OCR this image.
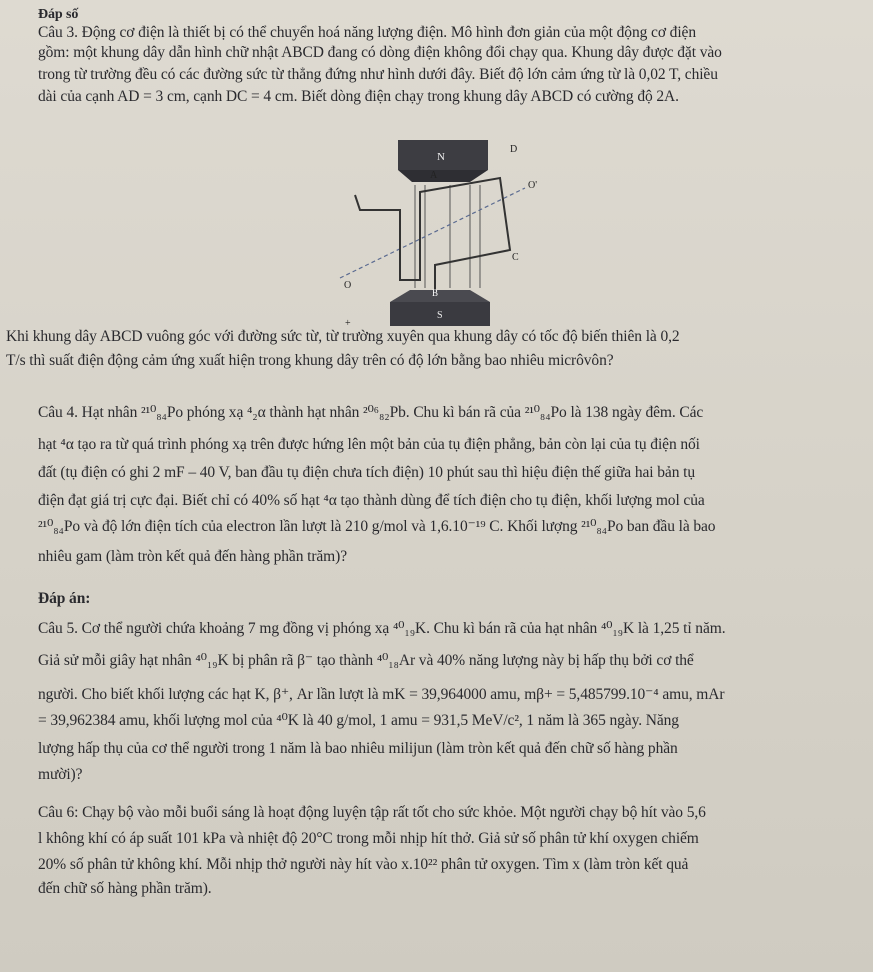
Đáp số
Câu 3. Động cơ điện là thiết bị có thể chuyển hoá năng lượng điện. Mô hình đơn giản của một động cơ điện
gồm: một khung dây dẫn hình chữ nhật ABCD đang có dòng điện không đổi chạy qua. Khung dây được đặt vào
trong từ trường đều có các đường sức từ thẳng đứng như hình dưới đây. Biết độ lớn cảm ứng từ là 0,02 T, chiều
dài của cạnh AD = 3 cm, cạnh DC = 4 cm. Biết dòng điện chạy trong khung dây ABCD có cường độ 2A.
N
S
A
B
C
D
O
O'
+
Khi khung dây ABCD vuông góc với đường sức từ, từ trường xuyên qua khung dây có tốc độ biến thiên là 0,2
T/s thì suất điện động cảm ứng xuất hiện trong khung dây trên có độ lớn bằng bao nhiêu micrôvôn?
Câu 4. Hạt nhân ²¹⁰₈₄Po phóng xạ ⁴₂α thành hạt nhân ²⁰⁶₈₂Pb. Chu kì bán rã của ²¹⁰₈₄Po là 138 ngày đêm. Các
hạt ⁴α tạo ra từ quá trình phóng xạ trên được hứng lên một bản của tụ điện phẳng, bản còn lại của tụ điện nối
đất (tụ điện có ghi 2 mF – 40 V, ban đầu tụ điện chưa tích điện) 10 phút sau thì hiệu điện thế giữa hai bản tụ
điện đạt giá trị cực đại. Biết chỉ có 40% số hạt ⁴α tạo thành dùng để tích điện cho tụ điện, khối lượng mol của
²¹⁰₈₄Po và độ lớn điện tích của electron lần lượt là 210 g/mol và 1,6.10⁻¹⁹ C. Khối lượng ²¹⁰₈₄Po ban đầu là bao
nhiêu gam (làm tròn kết quả đến hàng phần trăm)?
Đáp án:
Câu 5. Cơ thể người chứa khoảng 7 mg đồng vị phóng xạ ⁴⁰₁₉K. Chu kì bán rã của hạt nhân ⁴⁰₁₉K là 1,25 tỉ năm.
Giả sử mỗi giây hạt nhân ⁴⁰₁₉K bị phân rã β⁻ tạo thành ⁴⁰₁₈Ar và 40% năng lượng này bị hấp thụ bởi cơ thể
người. Cho biết khối lượng các hạt K, β⁺, Ar lần lượt là mK = 39,964000 amu, mβ+ = 5,485799.10⁻⁴ amu, mAr
= 39,962384 amu, khối lượng mol của ⁴⁰K là 40 g/mol, 1 amu = 931,5 MeV/c², 1 năm là 365 ngày. Năng
lượng hấp thụ của cơ thể người trong 1 năm là bao nhiêu milijun (làm tròn kết quả đến chữ số hàng phần
mười)?
Câu 6: Chạy bộ vào mỗi buổi sáng là hoạt động luyện tập rất tốt cho sức khỏe. Một người chạy bộ hít vào 5,6
l không khí có áp suất 101 kPa và nhiệt độ 20°C trong mỗi nhịp hít thở. Giả sử số phân tử khí oxygen chiếm
20% số phân tử không khí. Mỗi nhịp thở người này hít vào x.10²² phân tử oxygen. Tìm x (làm tròn kết quả
đến chữ số hàng phần trăm).
